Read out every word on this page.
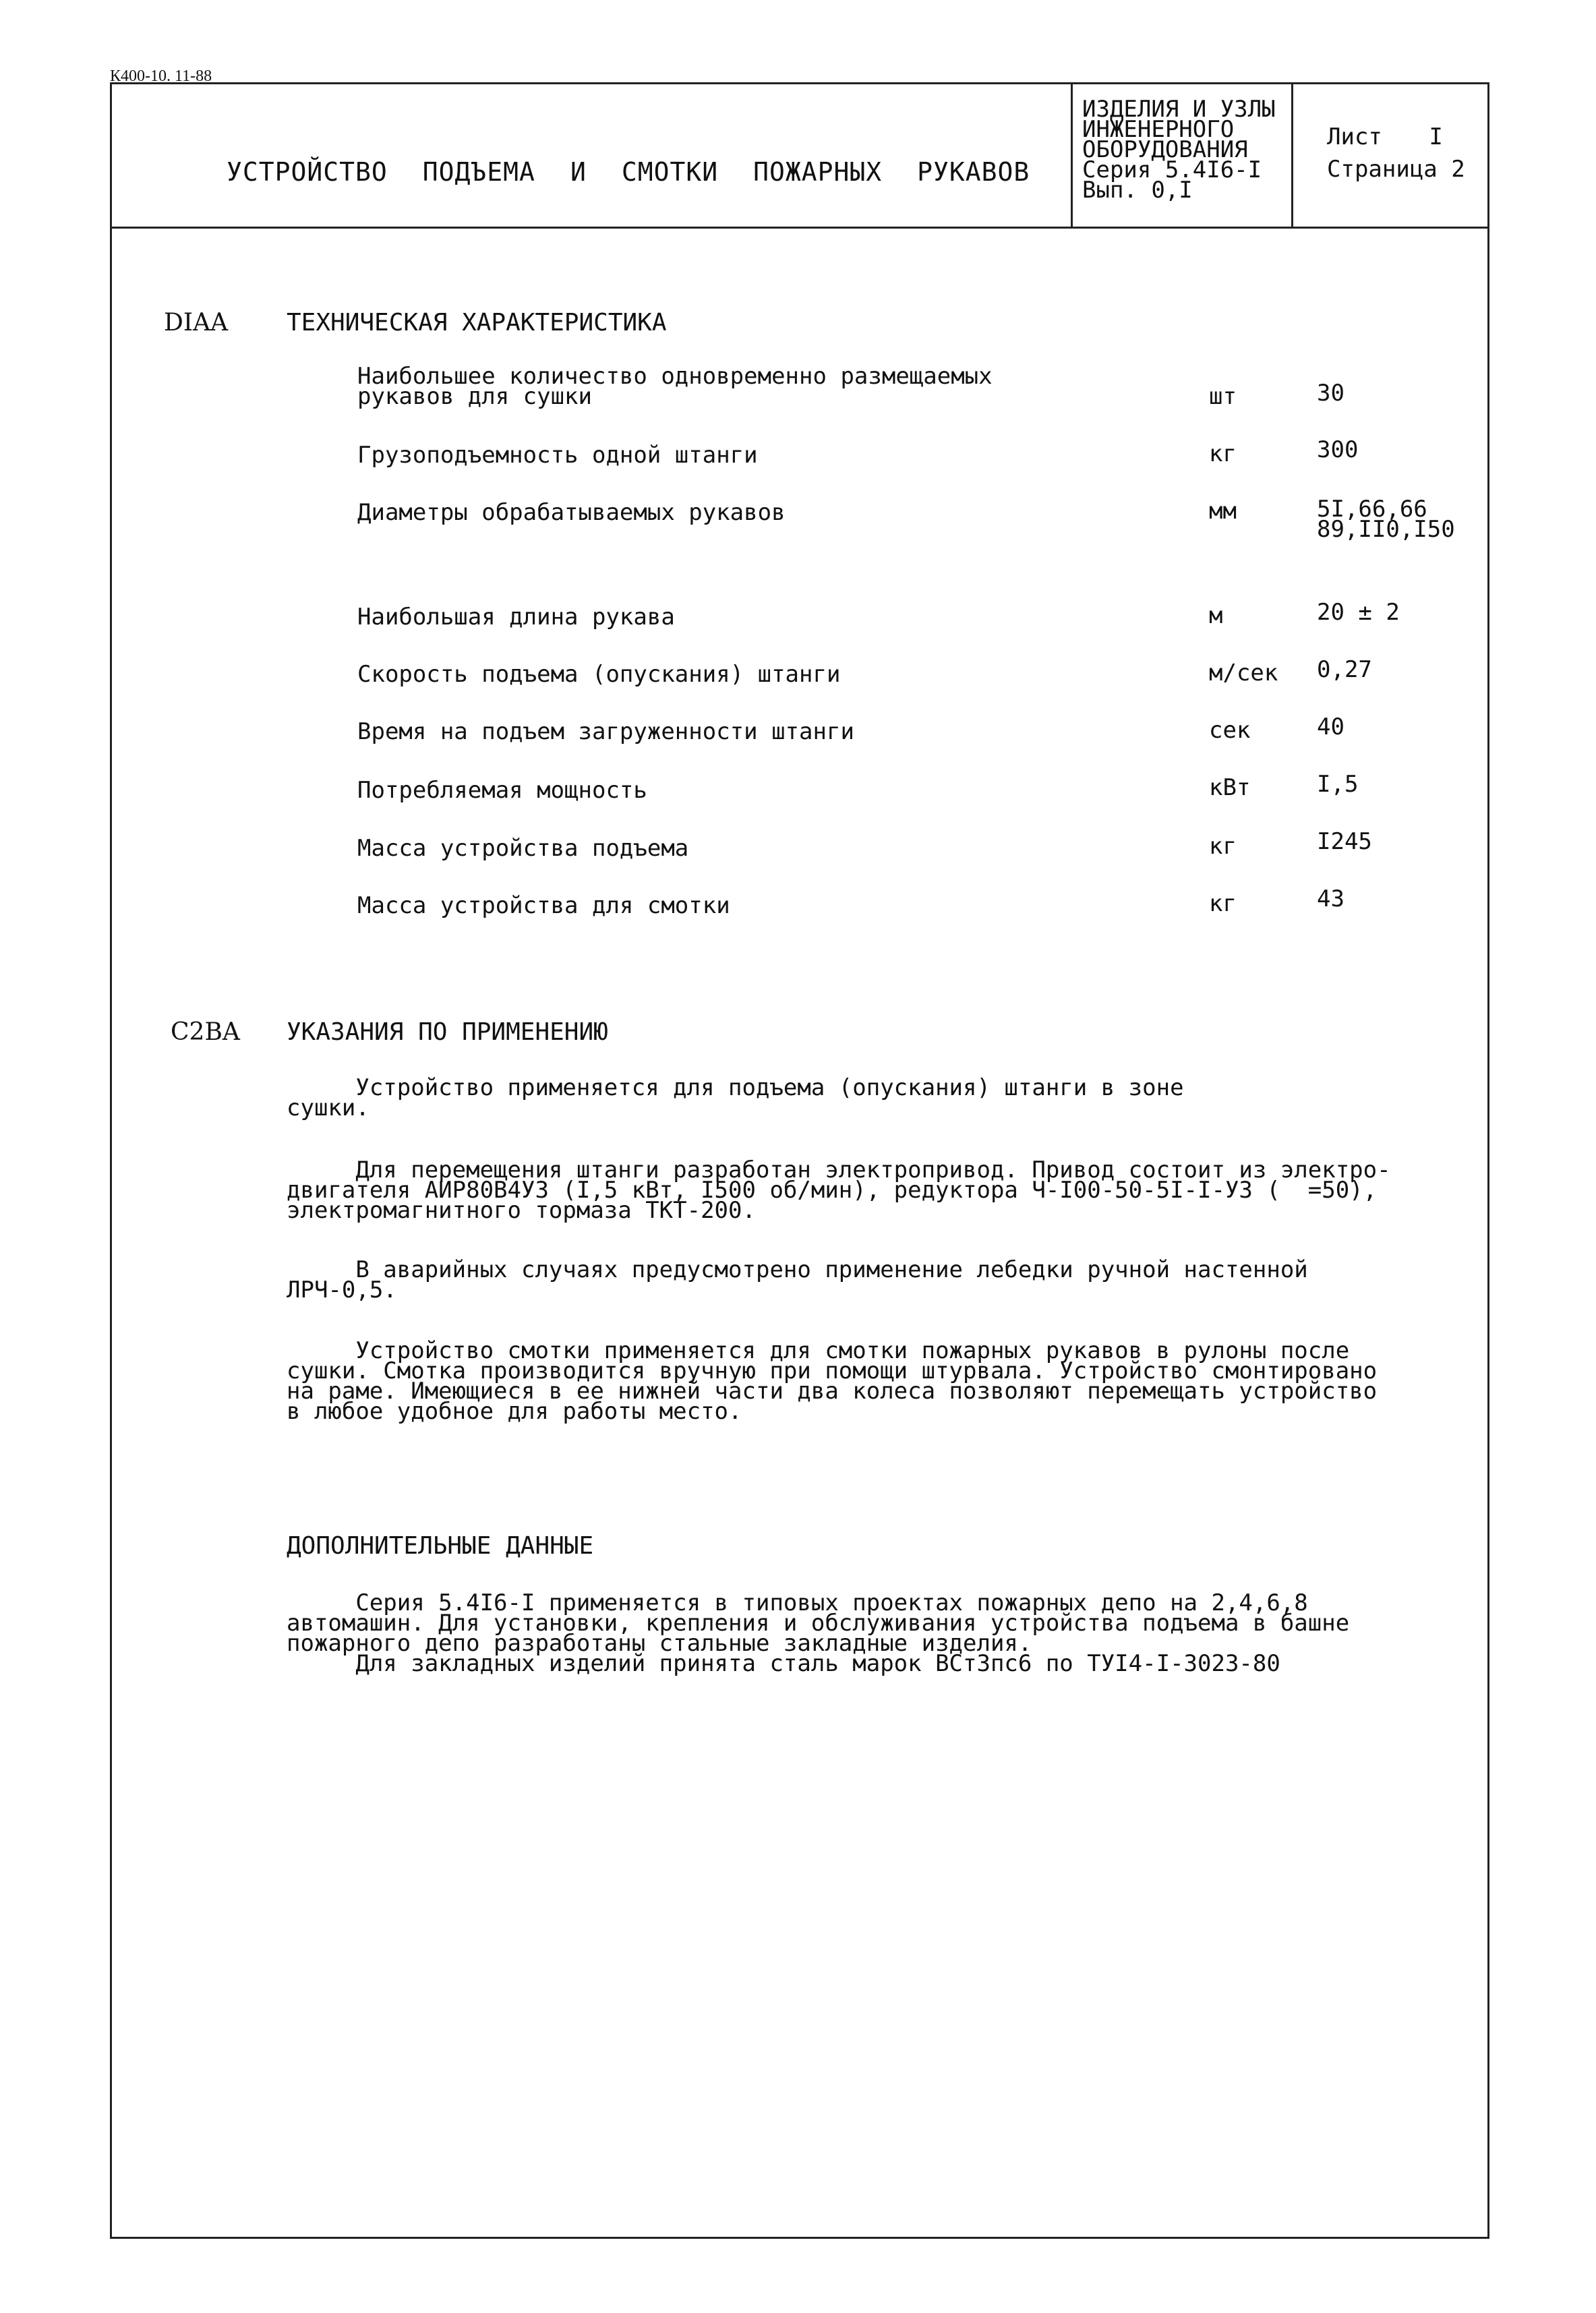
К400-10. 11-88
УСТРОЙСТВО ПОДЪЕМА И СМОТКИ ПОЖАРНЫХ РУКАВОВ
ИЗДЕЛИЯ И УЗЛЫ
ИНЖЕНЕРНОГО
ОБОРУДОВАНИЯ
Серия 5.4I6-I
Вып. 0,I
Лист I
Страница 2
DIAA ТЕХНИЧЕСКАЯ ХАРАКТЕРИСТИКА
Наибольшее количество одновременно размещаемых
рукавов для сушки	шт	30
Грузоподъемность одной штанги	кг	300
Диаметры обрабатываемых рукавов	мм	5I,66,66
89,II0,I50
Наибольшая длина рукава	м	20 ± 2
Скорость подъема (опускания) штанги	м/сек 0,27
Время на подъем загруженности штанги	сек	40
Потребляемая мощность	кВт	I,5
Масса устройства подъема	кг	I245
Масса устройства для смотки	кг	43
C2BA УКАЗАНИЯ ПО ПРИМЕНЕНИЮ
Устройство применяется для подъема (опускания) штанги в зоне
сушки.
Для перемещения штанги разработан электропривод. Привод состоит из электро-
двигателя АИР80В4УЗ (I,5 кВт, I500 об/мин), редуктора Ч-I00-50-5I-I-УЗ (  =50),
электромагнитного тормаза ТКТ-200.
В аварийных случаях предусмотрено применение лебедки ручной настенной
ЛРЧ-0,5.
Устройство смотки применяется для смотки пожарных рукавов в рулоны после
сушки. Смотка производится вручную при помощи штурвала. Устройство смонтировано
на раме. Имеющиеся в ее нижней части два колеса позволяют перемещать устройство
в любое удобное для работы место.
ДОПОЛНИТЕЛЬНЫЕ ДАННЫЕ
Серия 5.4I6-I применяется в типовых проектах пожарных депо на 2,4,6,8
автомашин. Для установки, крепления и обслуживания устройства подъема в башне
пожарного депо разработаны стальные закладные изделия.
Для закладных изделий принята сталь марок ВСт3пс6 по ТУI4-I-3023-80
